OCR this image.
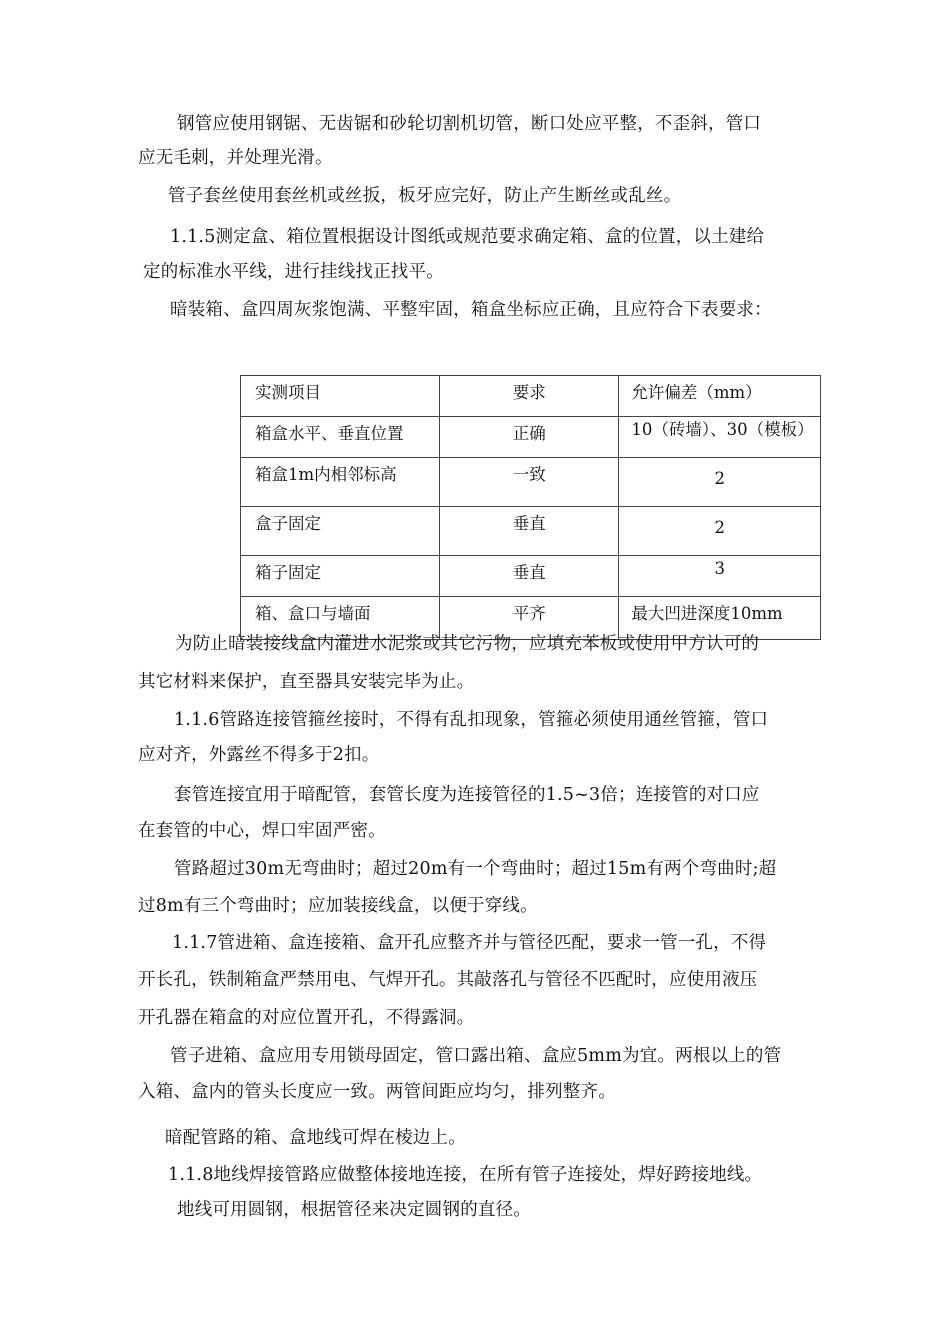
钢管应使用钢锯、无齿锯和砂轮切割机切管，断口处应平整，不歪斜，管口
应无毛刺，并处理光滑。
管子套丝使用套丝机或丝扳，板牙应完好，防止产生断丝或乱丝。
1.1.5测定盒、箱位置根据设计图纸或规范要求确定箱、盒的位置，以土建给
定的标准水平线，进行挂线找正找平。
暗装箱、盒四周灰浆饱满、平整牢固，箱盒坐标应正确，且应符合下表要求：
实测项目	要求	允许偏差（mm）
箱盒水平、垂直位置	正确	10（砖墙）、30（模板）

箱盒1m内相邻标高	一致	2
盒子固定	垂直	2
箱子固定	垂直	3
箱、盒口与墙面	平齐	最大凹进深度10mm
为防止暗装接线盒内灌进水泥浆或其它污物，应填充苯板或使用甲方认可的
其它材料来保护，直至器具安装完毕为止。
1.1.6管路连接管箍丝接时，不得有乱扣现象，管箍必须使用通丝管箍，管口
应对齐，外露丝不得多于2扣。
套管连接宜用于暗配管，套管长度为连接管径的1.5~3倍；连接管的对口应
在套管的中心，焊口牢固严密。
管路超过30m无弯曲时；超过20m有一个弯曲时；超过15m有两个弯曲时;超
过8m有三个弯曲时；应加装接线盒，以便于穿线。
1.1.7管进箱、盒连接箱、盒开孔应整齐并与管径匹配，要求一管一孔，不得
开长孔，铁制箱盒严禁用电、气焊开孔。其敲落孔与管径不匹配时，应使用液压
开孔器在箱盒的对应位置开孔，不得露洞。
管子进箱、盒应用专用锁母固定，管口露出箱、盒应5mm为宜。两根以上的管
入箱、盒内的管头长度应一致。两管间距应均匀，排列整齐。
暗配管路的箱、盒地线可焊在棱边上。
1.1.8地线焊接管路应做整体接地连接，在所有管子连接处，焊好跨接地线。
地线可用圆钢，根据管径来决定圆钢的直径。
